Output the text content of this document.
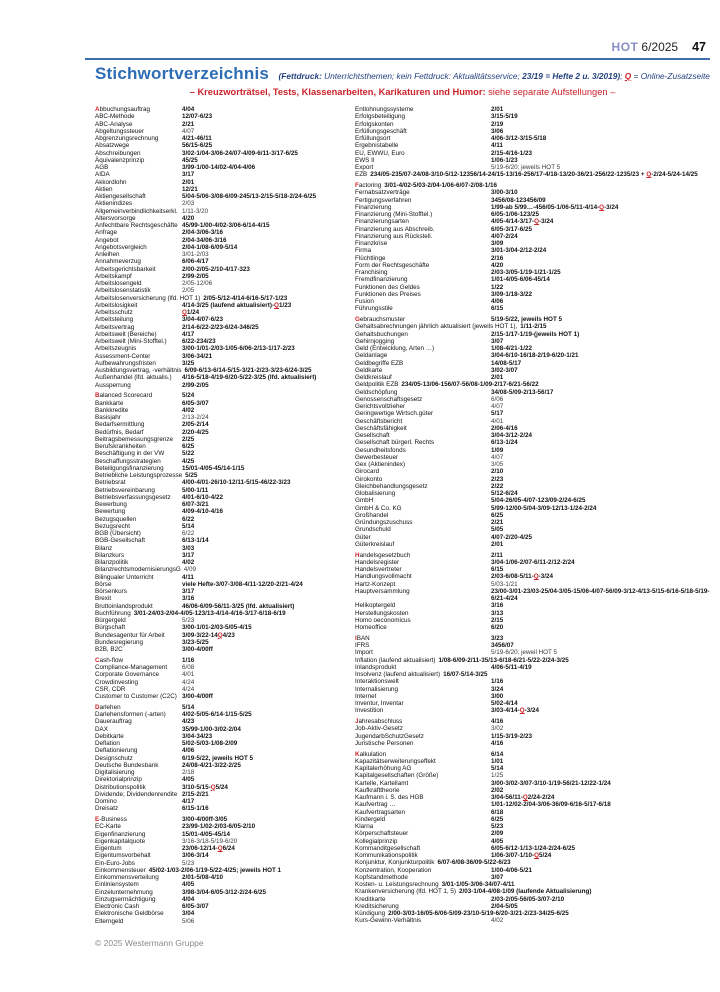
HOT 6/2025 47
Stichwortverzeichnis (Fettdruck: Unterrichtsthemen; kein Fettdruck: Aktualitätsservice; 23/19 = Hefte 2 u. 3/2019); Q = Online-Zusatzseite
– Kreuzworträtsel, Tests, Klassenarbeiten, Karikaturen und Humor: siehe separate Aufstellungen –
Abbuchungsauftrag	4/04
ABC-Methode	12/07-6/23
ABC-Analyse	2/21
Abgeltungssteuer	4/07
Abgrenzungsrechnung	4/21-46/11
Absatzwege	56/15-6/25
Abschreibungen	3/02-1/04-3/06-24/07-4/09-6/11-3/17-6/25
Äquivalenzprinzip	45/25
AGB	3/99-1/00-14/02-4/04-4/06
AIDA	3/17
Akkordlohn	2/01
Aktien	12/21
Aktiengesellschaft	5/04-5/06-3/08-6/09-245/13-2/15-5/18-2/24-6/25
Aktienindizes	2/03
Allgemeinverbindlichkeitserkl. 1/11-3/20
Altersvorsorge	4/20
Anfechtbare Rechtsgeschäfte 45/99-1/00-4/02-3/06-6/14-4/15
Anfrage	2/04-3/06-3/16
Angebot	2/04-34/06-3/16
Angebotsvergleich	2/04-1/08-6/09-5/14
Anleihen	3/01-2/03
Annahmeverzug	6/06-4/17
Arbeitsgerichtsbarkeit	2/00-2/05-2/10-4/17-323
Arbeitskampf	2/99-2/05
Arbeitslosengeld	2/05-12/06
Arbeitslosenstatistik	2/05
Arbeitslosenversicherung (lfd. HOT 1) 2/05-5/12-4/14-6/16-5/17-1/23
Arbeitslosigkeit	4/14-3/25 (laufend aktualisiert)-Q1/23
Arbeitsschutz	Q1/24
Arbeitsteilung	3/04-4/07-6/23
Arbeitsvertrag	2/14-6/22-2/23-6/24-346/25
Arbeitswelt (Bereiche)	4/17
Arbeitswelt (Mini-Stofftel.)	6/22-234/23
Arbeitszeugnis	3/00-1/01-2/03-1/05-6/06-2/13-1/17-2/23
Assessment-Center	3/06-34/21
Aufbewahrungsfristen	3/25
Ausbildungsvertrag, -verhältnis 6/09-6/13-6/14-5/15-3/21-2/23-3/23-6/24-3/25
Außenhandel (lfd. aktualis.)	4/16-5/18-4/19-6/20-5/22-3/25 (lfd. aktualisiert)
Aussperrung	2/99-2/05
Balanced Scorecard	5/24
Bankkarte	6/05-3/07
Bankkredite	4/02
Basisjahr	2/13-2/24
Bedarfsermittlung	2/05-2/14
Bedürfnis, Bedarf	2/20-4/25
Beitragsbemessungsgrenze	2/25
Berufskrankheiten	6/25
Beschäftigung in der VW	5/22
Beschaffungsstrategien	4/25
Beteiligungsfinanzierung	15/01-4/05-45/14-1/15
Betriebliche Leistungsprozesse 5/25
Betriebsrat	4/00-4/01-26/10-12/11-5/15-46/22-3/23
Betriebsvereinbarung	5/00-1/11
Betriebsverfassungsgesetz	4/01-6/10-4/22
Bewerbung	6/07-3/21
Bewertung	4/09-4/10-4/16
Bezugsquellen	6/22
Bezugsrecht	5/14
BGB (Übersicht)	6/22
BGB-Gesellschaft	6/13-1/14
Bilanz	3/03
Bilanzkurs	3/17
Bilanzpolitik	4/02
BilanzrechtsmodernisierungsG 4/09
Bilingualer Unterricht	4/11
Börse	viele Hefte-3/07-3/08-4/11-12/20-2/21-4/24
Börsenkurs	3/17
Brexit	3/16
Bruttoinlandsprodukt	46/06-6/09-56/11-3/25 (lfd. aktualisiert)
Buchführung 3/01-24/03-2/04-4/05-123/13-4/14-4/16-3/17-6/18-6/19
Bürgergeld	5/23
Bürgschaft	3/00-1/01-2/03-5/05-4/15
Bundesagentur für Arbeit	3/09-3/22-14Q4/23
Bundesregierung	3/23-5/25
B2B, B2C	3/00-4/00ff
Cash-flow	1/16
Compliance-Management	6/08
Corporate Governance	4/01
Crowdinvesting	4/24
CSR, CDR	4/24
Customer to Customer (C2C) 3/00-4/00ff
Darlehen	5/14
Darlehensformen (-arten)	4/02-5/05-6/14-1/15-5/25
Dauerauftrag	4/23
DAX	35/99-1/00-3/02-2/04
Debitkarte	3/04-34/23
Deflation	5/02-5/03-1/08-2/09
Deflationierung	4/06
Designschutz	6/19-5/22, jeweils HOT 5
Deutsche Bundesbank	24/08-4/21-3/22-2/25
Digitalisierung	2/18
Direktorialprinzip	4/05
Distributionspolitik	3/10-5/15-Q5/24
Dividende; Dividendenrendite 2/15-2/21
Domino	4/17
Dreisatz	6/15-1/16
E-Business	3/00-4/00ff-3/05
EC-Karte	23/99-1/02-2/03-6/05-2/10
Eigenfinanzierung	15/01-4/05-45/14
Eigenkapitalquote	3/16-3/18-5/19-6/20
Eigentum	23/06-12/14-Q6/24
Eigentumsvorbehalt	3/06-3/14
Ein-Euro-Jobs	5/23
Einkommensteuer 45/02-1/03-2/06-1/19-5/22-4/25; jeweils HOT 1
Einkommensverteilung	2/01-5/08-4/10
Einliniensystem	4/05
Einzelunternehmung	3/98-3/04-6/05-3/12-2/24-6/25
Einzugsermächtigung	4/04
Electronic Cash	6/05-3/07
Elektronische Geldbörse	3/04
Elterngeld	5/06
Entlohnungssysteme	2/01
Erfolgsbeteiligung	3/15-5/19
Erfolgskonten	2/19
Erfüllungsgeschäft	3/06
Erfüllungsort	4/06-3/12-3/15-5/18
Ergebnistabelle	4/11
EU, EWWU, Euro	2/15-4/16-1/23
EWS II	1/06-1/23
Export	5/19-6/20; jeweils HOT 5
EZB 234/05-235/07-24/08-3/10-5/12-12356/14-24/15-13/16-256/17-4/18-13/20-36/21-256/22-1235/23 + Q-2/24-5/24-14/25
Factoring 3/01-4/02-5/03-2/04-1/06-6/07-2/08-1/16
Fernabsatzverträge	3/00-3/10
Fertigungsverfahren	3456/08-123456/09
Finanzierung	1/99-ab 5/99…-456/05-1/06-5/11-4/14-Q-3/24
Finanzierung (Mini-Stofftel.)	6/05-1/06-123/25
Finanzierungsarten	4/05-4/14-3/17-Q-3/24
Finanzierung aus Abschreib.	6/05-3/17-6/25
Finanzierung aus Rückstell.	4/07-2/24
Finanzkrise	3/09
Firma	3/01-3/04-2/12-2/24
Flüchtlinge	2/16
Form der Rechtsgeschäfte	4/20
Franchising	2/03-3/05-1/19-1/21-1/25
Fremdfinanzierung	1/01-4/05-6/06-45/14
Funktionen des Geldes	1/22
Funktionen des Preises	3/09-1/18-3/22
Fusion	4/06
Führungsstile	6/15
Gebrauchsmuster	5/19-5/22, jeweils HOT 5
Gehaltsabrechnungen jährlich aktualisiert (jeweils HOT 1), 1/11-2/15
Gehaltsbuchungen	2/15-1/17-1/19-(jeweils HOT 1)
Gehirnjogging	3/07
Geld (Entwicklung, Arten …)	1/08-4/21-1/22
Geldanlage	3/04-6/10-16/18-2/19-6/20-1/21
Geldbegriffe EZB	14/08-5/17
Geldkarte	3/02-3/07
Geldkreislauf	2/01
Geldpolitik EZB 234/05-13/06-156/07-56/08-1/09-2/17-6/21-56/22
Geldschöpfung	34/08-5/09-2/13-56/17
Genossenschaftsgesetz	6/06
Gerichtsvollzieher	4/07
Geringwertige Wirtsch.güter	5/17
Geschäftsbericht	4/01
Geschäftsfähigkeit	2/06-4/16
Gesellschaft	3/04-3/12-2/24
Gesellschaft bürgerl. Rechts	6/13-1/24
Gesundheitsfonds	1/09
Gewerbesteuer	4/07
Gex (Aktienindex)	3/05
Girocard	2/10
Girokonto	2/23
Gleichbehandlungsgesetz	2/22
Globalisierung	5/12-6/24
GmbH	5/04-26/05-4/07-123/09-2/24-6/25
GmbH & Co. KG	5/99-12/00-5/04-3/09-12/13-1/24-2/24
Großhandel	6/25
Gründungszuschuss	2/21
Grundschuld	5/05
Güter	4/07-2/20-4/25
Güterkreislauf	2/01
Handelsgesetzbuch	2/11
Handelsregister	3/04-1/06-2/07-6/11-2/12-2/24
Handelsvertreter	6/15
Handlungsvollmacht	2/03-6/08-5/11-Q-3/24
Hartz-Konzept	5/03-1/21
Hauptversammlung	23/00-3/01-23/03-25/04-3/05-15/06-4/07-56/09-3/12-4/13-5/15-6/16-5/18-5/19-6/21-4/24
Helikoptergeld	3/16
Herstellungskosten	3/13
Homo oeconomicus	2/15
Homeoffice	6/20
IBAN	3/23
IFRS	3456/07
Import	5/19-6/20; jeweil HOT 5
Inflation (laufend aktualisiert) 1/08-6/09-2/11-35/13-6/18-6/21-5/22-2/24-3/25
Inlandsprodukt	4/06-5/11-4/19
Insolvenz (laufend aktualisiert) 16/07-5/14-3/25
Interaktionswelt	1/16
Internalisierung	3/24
Internet	3/00
Inventur, Inventar	5/02-4/14
Investition	3/03-4/14-Q-3/24
Jahresabschluss	4/16
Job-Aktiv-Gesetz	3/02
JugendarbSchutzGesetz	1/15-3/19-2/23
Juristische Personen	4/16
Kalkulation	6/14
Kapazitätserweiterungseffekt	1/01
Kapitalerhöhung AG	5/14
Kapitalgesellschaften (Größe)	1/25
Kartelle, Kartellamt	3/00-3/02-3/07-3/10-1/19-56/21-12/22-1/24
Kaufkrafttheorie	2/02
Kaufmann i. S. des HGB	3/04-56/11-Q2/24-2/24
Kaufvertrag …	1/01-12/02-2/04-3/06-36/09-6/16-5/17-6/18
Kaufvertragsarten	6/18
Kindergeld	6/25
Klarna	5/23
Körperschaftsteuer	2/09
Kollegialprinzip	4/05
Kommanditgesellschaft	6/05-6/12-1/13-1/24-2/24-6/25
Kommunikationspolitik	1/06-3/07-1/10-Q5/24
Konjunktur, Konjunkturpolitik 6/07-6/08-36/09-5/22-6/23
Konzentration, Kooperation	1/00-4/06-5/21
Kopfstandmethode	3/07
Kosten- u. Leistungsrechnung 3/01-1/05-3/06-34/07-4/11
Krankenversicherung (lfd. HOT 1, 5) 2/03-1/04-4/08-1/09 (laufende Aktualisierung)
Kreditkarte	2/03-2/05-56/05-3/07-2/10
Kreditsicherung	2/04-5/05
Kündigung 2/00-3/03-16/05-6/06-5/09-23/10-5/19-6/20-3/21-2/23-34/25-6/25
Kurs-Gewinn-Verhältnis	4/02
© 2025 Westermann Gruppe
